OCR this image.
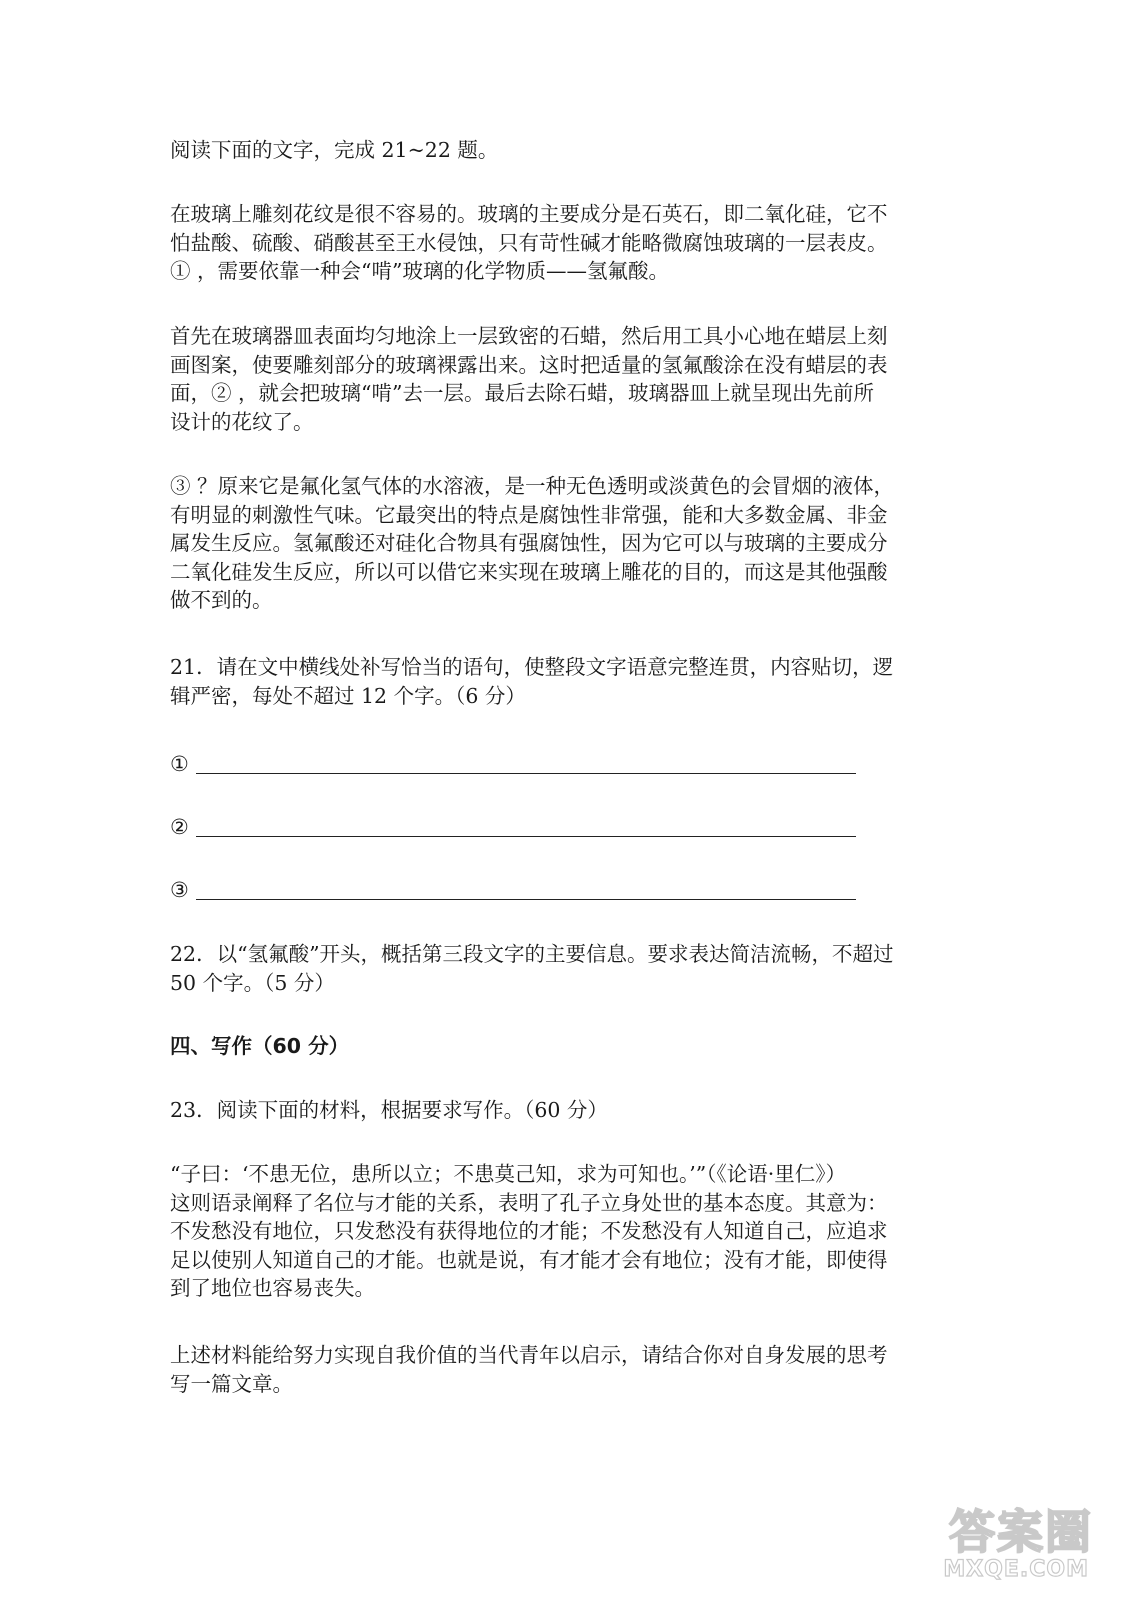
阅读下面的文字，完成 21~22 题。

在玻璃上雕刻花纹是很不容易的。玻璃的主要成分是石英石，即二氧化硅，它不
怕盐酸、硫酸、硝酸甚至王水侵蚀，只有苛性碱才能略微腐蚀玻璃的一层表皮。
① ，需要依靠一种会“啃”玻璃的化学物质——氢氟酸。

首先在玻璃器皿表面均匀地涂上一层致密的石蜡，然后用工具小心地在蜡层上刻
画图案，使要雕刻部分的玻璃裸露出来。这时把适量的氢氟酸涂在没有蜡层的表
面，② ，就会把玻璃“啃”去一层。最后去除石蜡，玻璃器皿上就呈现出先前所
设计的花纹了。

③ ？原来它是氟化氢气体的水溶液，是一种无色透明或淡黄色的会冒烟的液体，
有明显的刺激性气味。它最突出的特点是腐蚀性非常强，能和大多数金属、非金
属发生反应。氢氟酸还对硅化合物具有强腐蚀性，因为它可以与玻璃的主要成分
二氧化硅发生反应，所以可以借它来实现在玻璃上雕花的目的，而这是其他强酸
做不到的。

21．请在文中横线处补写恰当的语句，使整段文字语意完整连贯，内容贴切，逻
辑严密，每处不超过 12 个字。（6 分）

①
②
③

22．以“氢氟酸”开头，概括第三段文字的主要信息。要求表达简洁流畅，不超过
50 个字。（5 分）

四、写作（60 分）

23．阅读下面的材料，根据要求写作。（60 分）

“子曰：‘不患无位，患所以立；不患莫己知，求为可知也。’”（《论语·里仁》）
这则语录阐释了名位与才能的关系，表明了孔子立身处世的基本态度。其意为：
不发愁没有地位，只发愁没有获得地位的才能；不发愁没有人知道自己，应追求
足以使别人知道自己的才能。也就是说，有才能才会有地位；没有才能，即使得
到了地位也容易丧失。

上述材料能给努力实现自我价值的当代青年以启示，请结合你对自身发展的思考
写一篇文章。

答案圈
MXQE.COM
